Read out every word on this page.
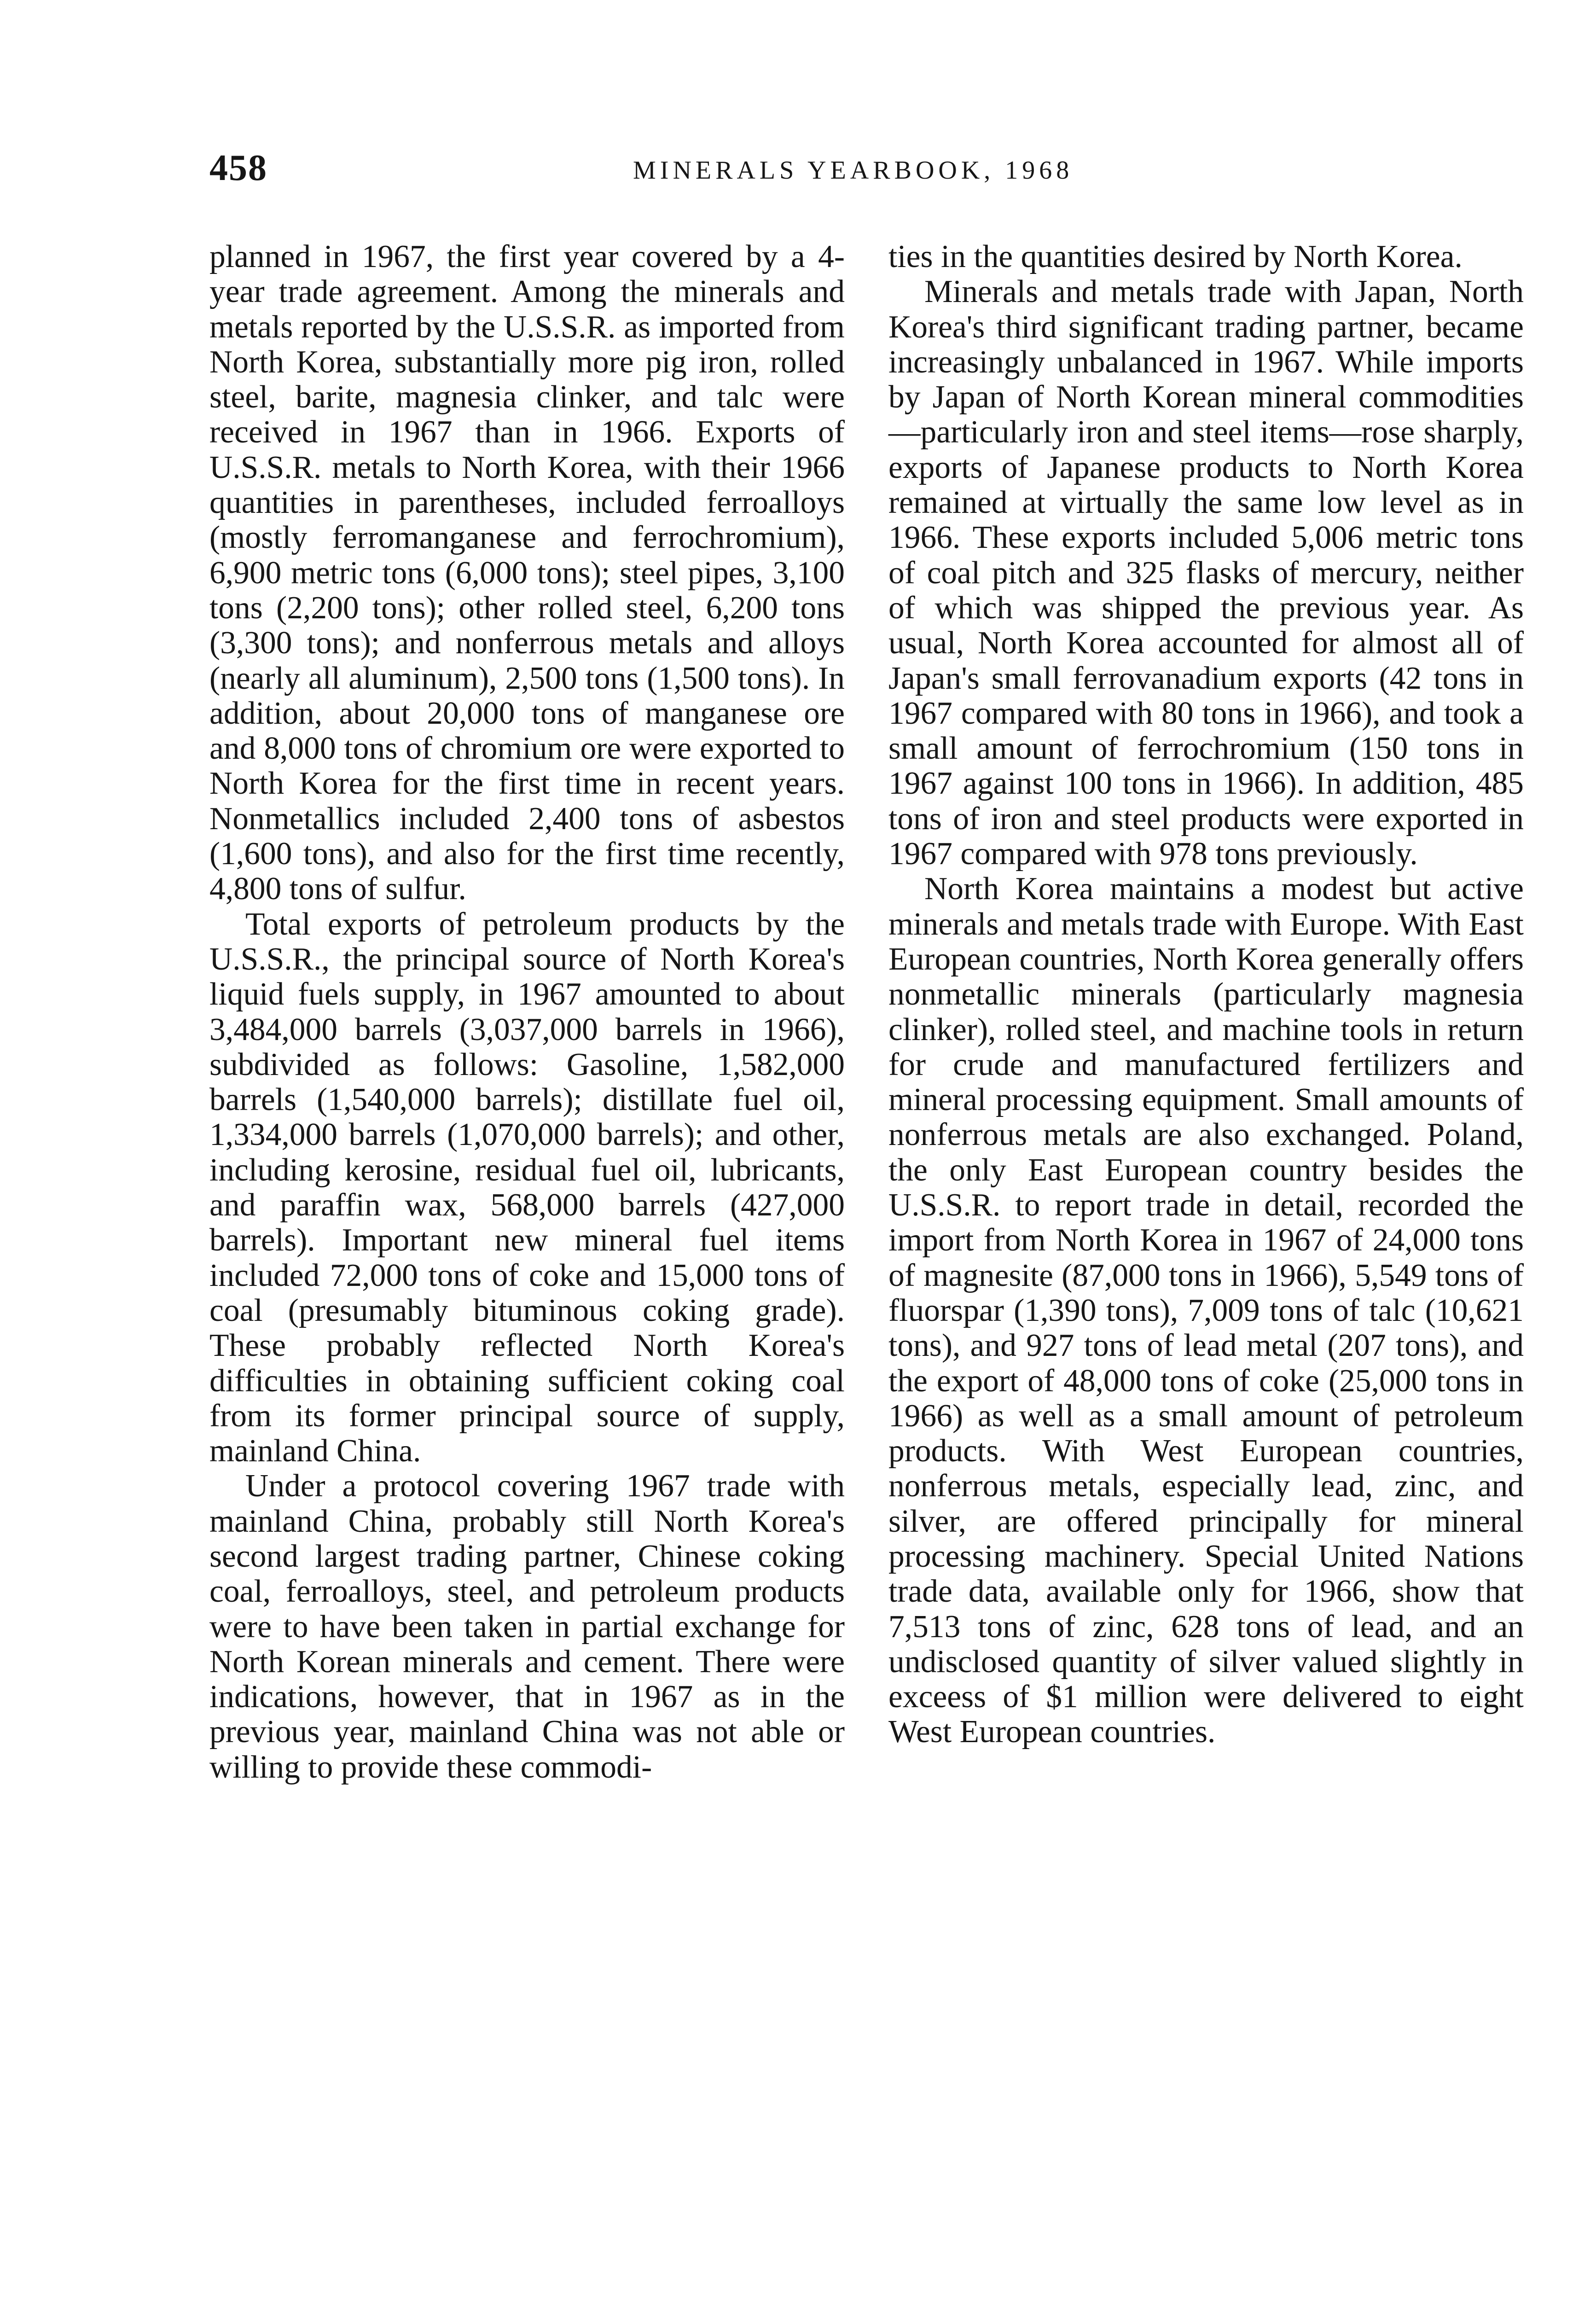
458	MINERALS YEARBOOK, 1968

planned in 1967, the first year covered by a 4-year trade agreement. Among the minerals and metals reported by the U.S.S.R. as imported from North Korea, substantially more pig iron, rolled steel, barite, magnesia clinker, and talc were received in 1967 than in 1966. Exports of U.S.S.R. metals to North Korea, with their 1966 quantities in parentheses, included ferroalloys (mostly ferromanganese and ferrochromium), 6,900 metric tons (6,000 tons); steel pipes, 3,100 tons (2,200 tons); other rolled steel, 6,200 tons (3,300 tons); and nonferrous metals and alloys (nearly all aluminum), 2,500 tons (1,500 tons). In addition, about 20,000 tons of manganese ore and 8,000 tons of chromium ore were exported to North Korea for the first time in recent years. Nonmetallics included 2,400 tons of asbestos (1,600 tons), and also for the first time recently, 4,800 tons of sulfur.

Total exports of petroleum products by the U.S.S.R., the principal source of North Korea's liquid fuels supply, in 1967 amounted to about 3,484,000 barrels (3,037,000 barrels in 1966), subdivided as follows: Gasoline, 1,582,000 barrels (1,540,000 barrels); distillate fuel oil, 1,334,000 barrels (1,070,000 barrels); and other, including kerosine, residual fuel oil, lubricants, and paraffin wax, 568,000 barrels (427,000 barrels). Important new mineral fuel items included 72,000 tons of coke and 15,000 tons of coal (presumably bituminous coking grade). These probably reflected North Korea's difficulties in obtaining sufficient coking coal from its former principal source of supply, mainland China.

Under a protocol covering 1967 trade with mainland China, probably still North Korea's second largest trading partner, Chinese coking coal, ferroalloys, steel, and petroleum products were to have been taken in partial exchange for North Korean minerals and cement. There were indications, however, that in 1967 as in the previous year, mainland China was not able or willing to provide these commodi-

ties in the quantities desired by North Korea.

Minerals and metals trade with Japan, North Korea's third significant trading partner, became increasingly unbalanced in 1967. While imports by Japan of North Korean mineral commodities—particularly iron and steel items—rose sharply, exports of Japanese products to North Korea remained at virtually the same low level as in 1966. These exports included 5,006 metric tons of coal pitch and 325 flasks of mercury, neither of which was shipped the previous year. As usual, North Korea accounted for almost all of Japan's small ferrovanadium exports (42 tons in 1967 compared with 80 tons in 1966), and took a small amount of ferrochromium (150 tons in 1967 against 100 tons in 1966). In addition, 485 tons of iron and steel products were exported in 1967 compared with 978 tons previously.

North Korea maintains a modest but active minerals and metals trade with Europe. With East European countries, North Korea generally offers nonmetallic minerals (particularly magnesia clinker), rolled steel, and machine tools in return for crude and manufactured fertilizers and mineral processing equipment. Small amounts of nonferrous metals are also exchanged. Poland, the only East European country besides the U.S.S.R. to report trade in detail, recorded the import from North Korea in 1967 of 24,000 tons of magnesite (87,000 tons in 1966), 5,549 tons of fluorspar (1,390 tons), 7,009 tons of talc (10,621 tons), and 927 tons of lead metal (207 tons), and the export of 48,000 tons of coke (25,000 tons in 1966) as well as a small amount of petroleum products. With West European countries, nonferrous metals, especially lead, zinc, and silver, are offered principally for mineral processing machinery. Special United Nations trade data, available only for 1966, show that 7,513 tons of zinc, 628 tons of lead, and an undisclosed quantity of silver valued slightly in exceess of $1 million were delivered to eight West European countries.
